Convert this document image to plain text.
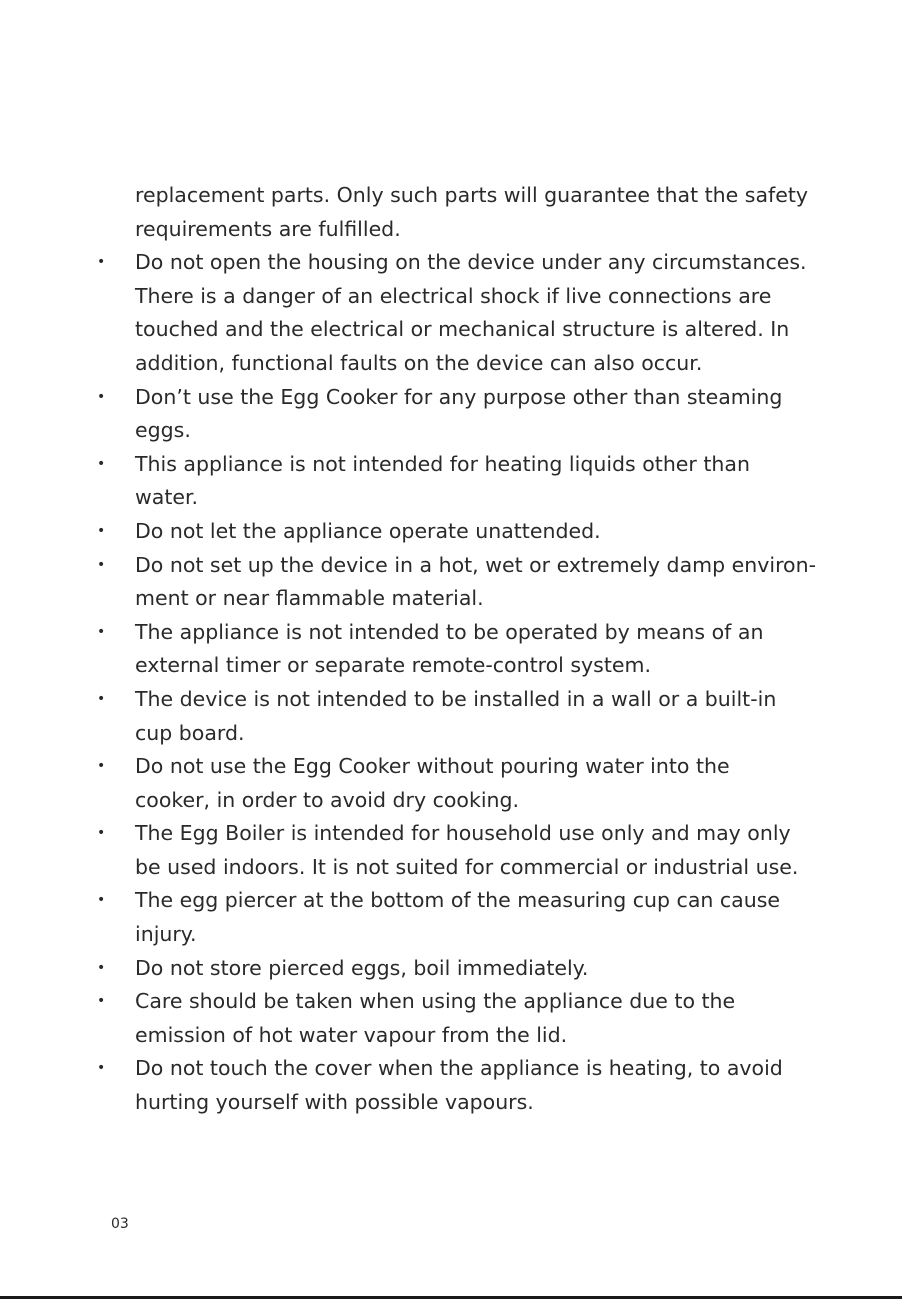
replacement parts. Only such parts will guarantee that the safety
requirements are fulfilled.
• Do not open the housing on the device under any circumstances.
There is a danger of an electrical shock if live connections are
touched and the electrical or mechanical structure is altered. In
addition, functional faults on the device can also occur.
• Don’t use the Egg Cooker for any purpose other than steaming
eggs.
• This appliance is not intended for heating liquids other than
water.
• Do not let the appliance operate unattended.
• Do not set up the device in a hot, wet or extremely damp environ-
ment or near flammable material.
• The appliance is not intended to be operated by means of an
external timer or separate remote-control system.
• The device is not intended to be installed in a wall or a built-in
cup board.
• Do not use the Egg Cooker without pouring water into the
cooker, in order to avoid dry cooking.
• The Egg Boiler is intended for household use only and may only
be used indoors. It is not suited for commercial or industrial use.
• The egg piercer at the bottom of the measuring cup can cause
injury.
• Do not store pierced eggs, boil immediately.
• Care should be taken when using the appliance due to the
emission of hot water vapour from the lid.
• Do not touch the cover when the appliance is heating, to avoid
hurting yourself with possible vapours.
03
